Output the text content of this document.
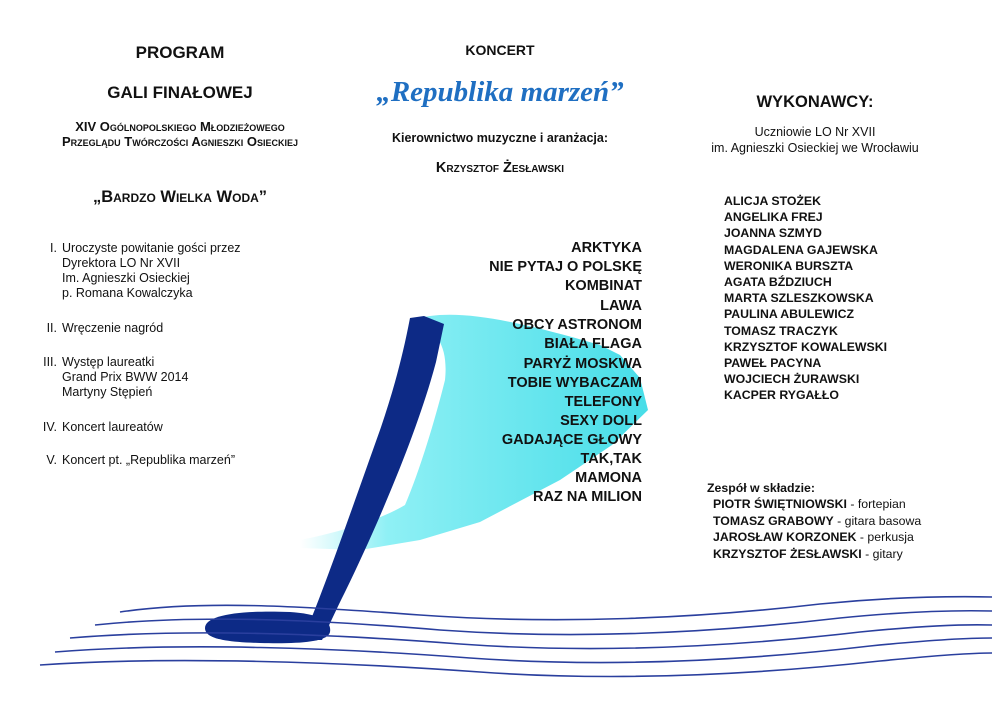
PROGRAM
GALI FINAŁOWEJ
XIV Ogólnopolskiego Młodzieżowego
Przeglądu Twórczości Agnieszki Osieckiej
„Bardzo Wielka Woda”
I. Uroczyste powitanie gości przez
Dyrektora LO Nr XVII
Im. Agnieszki Osieckiej
p. Romana Kowalczyka
II. Wręczenie nagród
III. Występ laureatki
Grand Prix BWW 2014
Martyny Stępień
IV. Koncert laureatów
V. Koncert pt. „Republika marzeń”
KONCERT
„Republika marzeń”
Kierownictwo muzyczne i aranżacja:
Krzysztof Żesławski
ARKTYKA
NIE PYTAJ O POLSKĘ
KOMBINAT
LAWA
OBCY ASTRONOM
BIAŁA FLAGA
PARYŻ MOSKWA
TOBIE WYBACZAM
TELEFONY
SEXY DOLL
GADAJĄCE GŁOWY
TAK,TAK
MAMONA
RAZ NA MILION
WYKONAWCY:
Uczniowie LO Nr XVII
im. Agnieszki Osieckiej we Wrocławiu
ALICJA STOŻEK
ANGELIKA FREJ
JOANNA SZMYD
MAGDALENA GAJEWSKA
WERONIKA BURSZTA
AGATA BŹDZIUCH
MARTA SZLESZKOWSKA
PAULINA ABULEWICZ
TOMASZ TRACZYK
KRZYSZTOF KOWALEWSKI
PAWEŁ PACYNA
WOJCIECH ŻURAWSKI
KACPER RYGAŁŁO
Zespół w składzie:
PIOTR ŚWIĘTNIOWSKI - fortepian
TOMASZ GRABOWY - gitara basowa
JAROSŁAW KORZONEK - perkusja
KRZYSZTOF ŻESŁAWSKI - gitary
